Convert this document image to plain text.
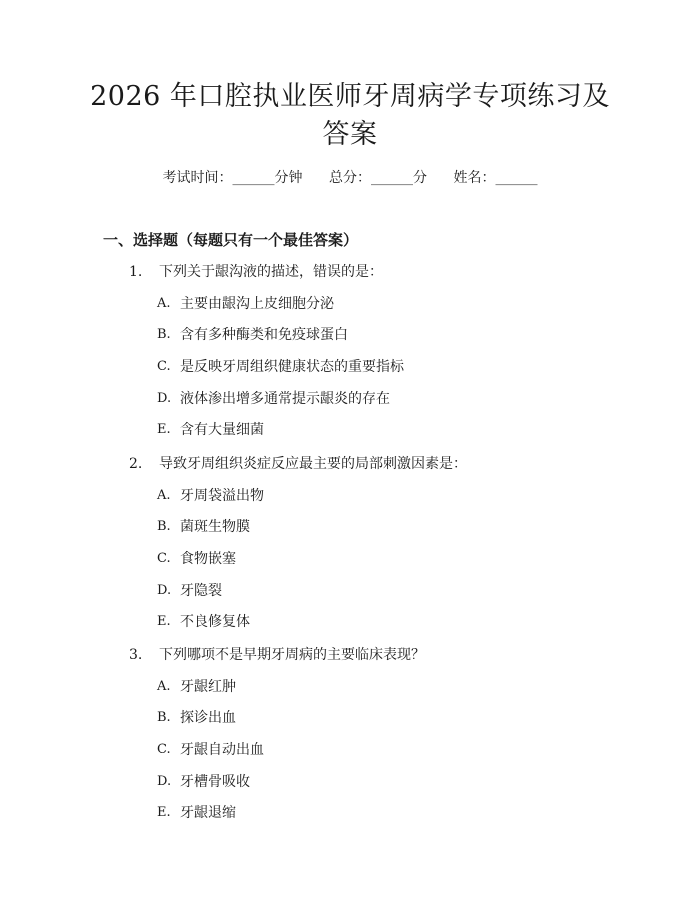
2026 年口腔执业医师牙周病学专项练习及答案
考试时间：______分钟 总分：______分 姓名：______
一、选择题（每题只有一个最佳答案）
1. 下列关于龈沟液的描述，错误的是：
A. 主要由龈沟上皮细胞分泌
B. 含有多种酶类和免疫球蛋白
C. 是反映牙周组织健康状态的重要指标
D. 液体渗出增多通常提示龈炎的存在
E. 含有大量细菌
2. 导致牙周组织炎症反应最主要的局部刺激因素是：
A. 牙周袋溢出物
B. 菌斑生物膜
C. 食物嵌塞
D. 牙隐裂
E. 不良修复体
3. 下列哪项不是早期牙周病的主要临床表现？
A. 牙龈红肿
B. 探诊出血
C. 牙龈自动出血
D. 牙槽骨吸收
E. 牙龈退缩
